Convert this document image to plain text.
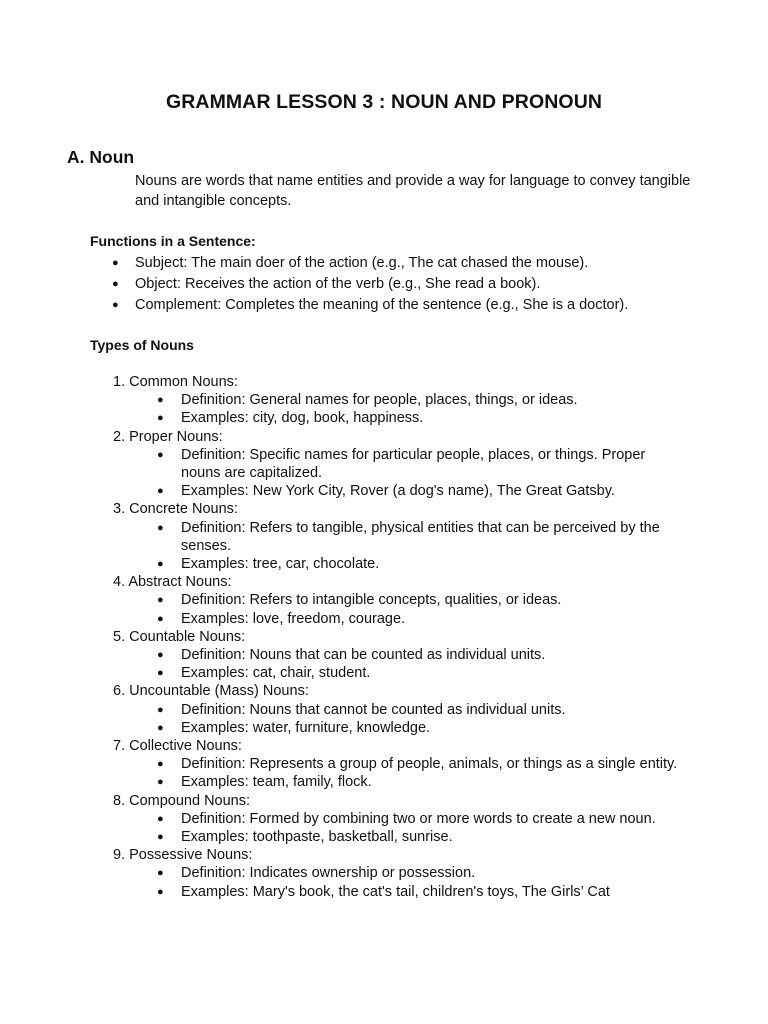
GRAMMAR LESSON 3 : NOUN AND PRONOUN
A. Noun
Nouns are words that name entities and provide a way for language to convey tangible and intangible concepts.
Functions in a Sentence:
● Subject: The main doer of the action (e.g., The cat chased the mouse).
● Object: Receives the action of the verb (e.g., She read a book).
● Complement: Completes the meaning of the sentence (e.g., She is a doctor).
Types of Nouns
1. Common Nouns:
● Definition: General names for people, places, things, or ideas.
● Examples: city, dog, book, happiness.
2. Proper Nouns:
● Definition: Specific names for particular people, places, or things. Proper nouns are capitalized.
● Examples: New York City, Rover (a dog's name), The Great Gatsby.
3. Concrete Nouns:
● Definition: Refers to tangible, physical entities that can be perceived by the senses.
● Examples: tree, car, chocolate.
4. Abstract Nouns:
● Definition: Refers to intangible concepts, qualities, or ideas.
● Examples: love, freedom, courage.
5. Countable Nouns:
● Definition: Nouns that can be counted as individual units.
● Examples: cat, chair, student.
6. Uncountable (Mass) Nouns:
● Definition: Nouns that cannot be counted as individual units.
● Examples: water, furniture, knowledge.
7. Collective Nouns:
● Definition: Represents a group of people, animals, or things as a single entity.
● Examples: team, family, flock.
8. Compound Nouns:
● Definition: Formed by combining two or more words to create a new noun.
● Examples: toothpaste, basketball, sunrise.
9. Possessive Nouns:
● Definition: Indicates ownership or possession.
● Examples: Mary's book, the cat's tail, children's toys, The Girls’ Cat
